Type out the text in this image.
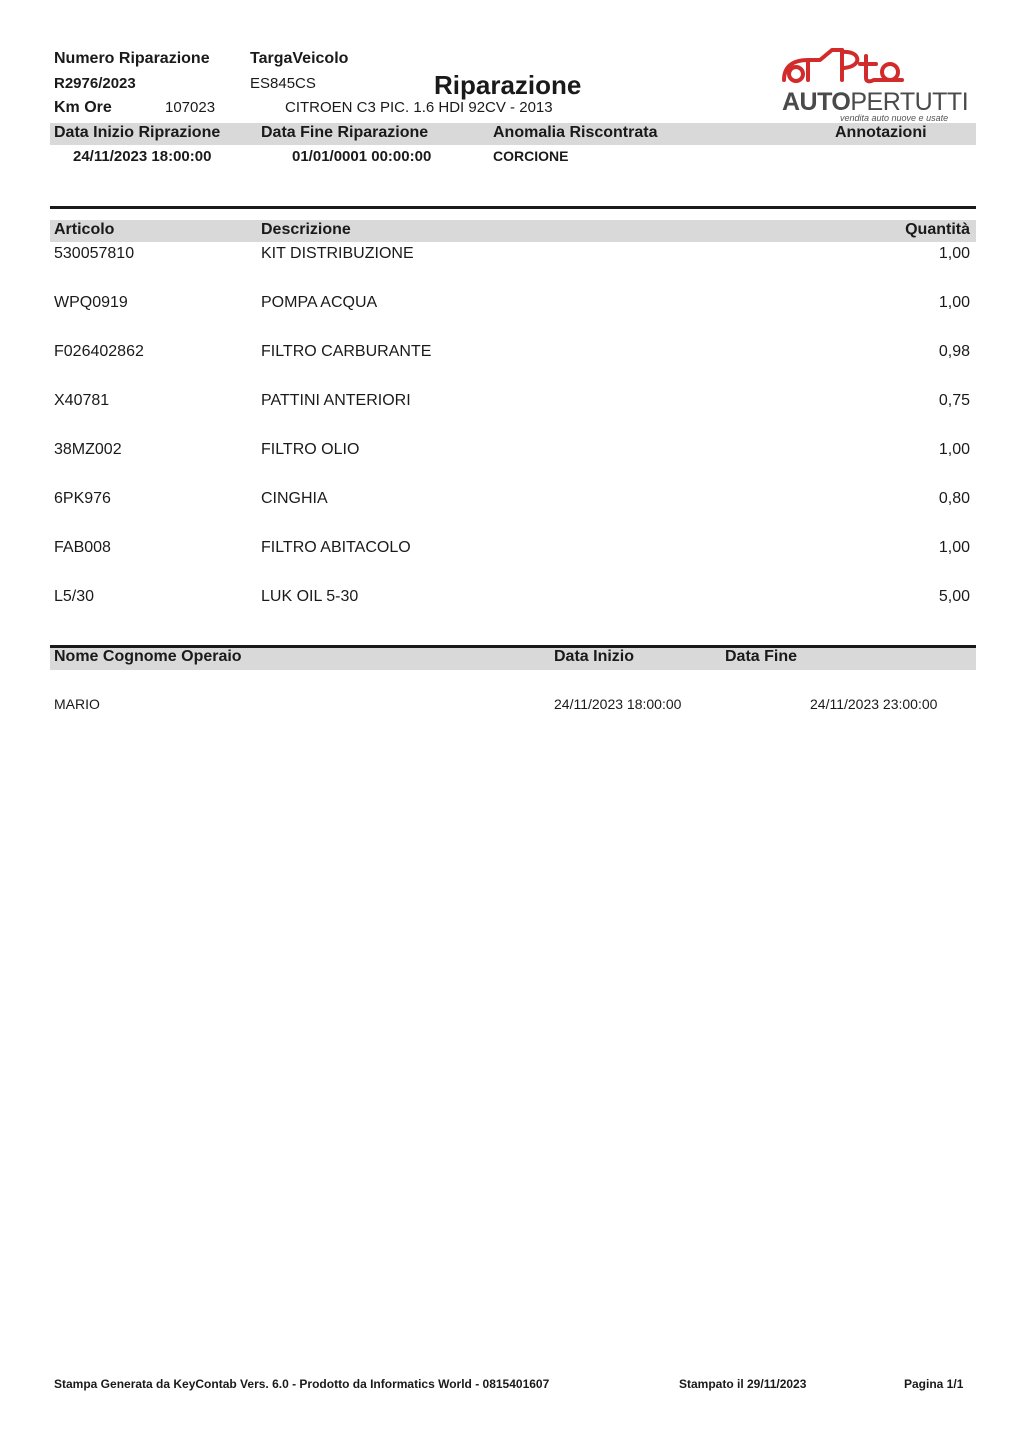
Numero Riparazione
R2976/2023
Km Ore	107023
TargaVeicolo
ES845CS	Riparazione
CITROEN C3 PIC. 1.6 HDI 92CV - 2013	AUTOPERTUTTI
vendita auto nuove e usate
Data Inizio Riprazione	Data Fine Riparazione	Anomalia Riscontrata	Annotazioni
24/11/2023 18:00:00	01/01/0001 00:00:00	CORCIONE
Articolo	Descrizione	Quantità
530057810	KIT DISTRIBUZIONE	1,00
WPQ0919	POMPA ACQUA	1,00
F026402862	FILTRO CARBURANTE	0,98
X40781	PATTINI ANTERIORI	0,75
38MZ002	FILTRO OLIO	1,00
6PK976	CINGHIA	0,80
FAB008	FILTRO ABITACOLO	1,00
L5/30	LUK OIL 5-30	5,00
Nome Cognome Operaio	Data Inizio	Data Fine
MARIO	24/11/2023 18:00:00	24/11/2023 23:00:00
Stampa Generata da KeyContab Vers. 6.0 - Prodotto da Informatics World - 0815401607	Stampato il 29/11/2023	Pagina 1/1
